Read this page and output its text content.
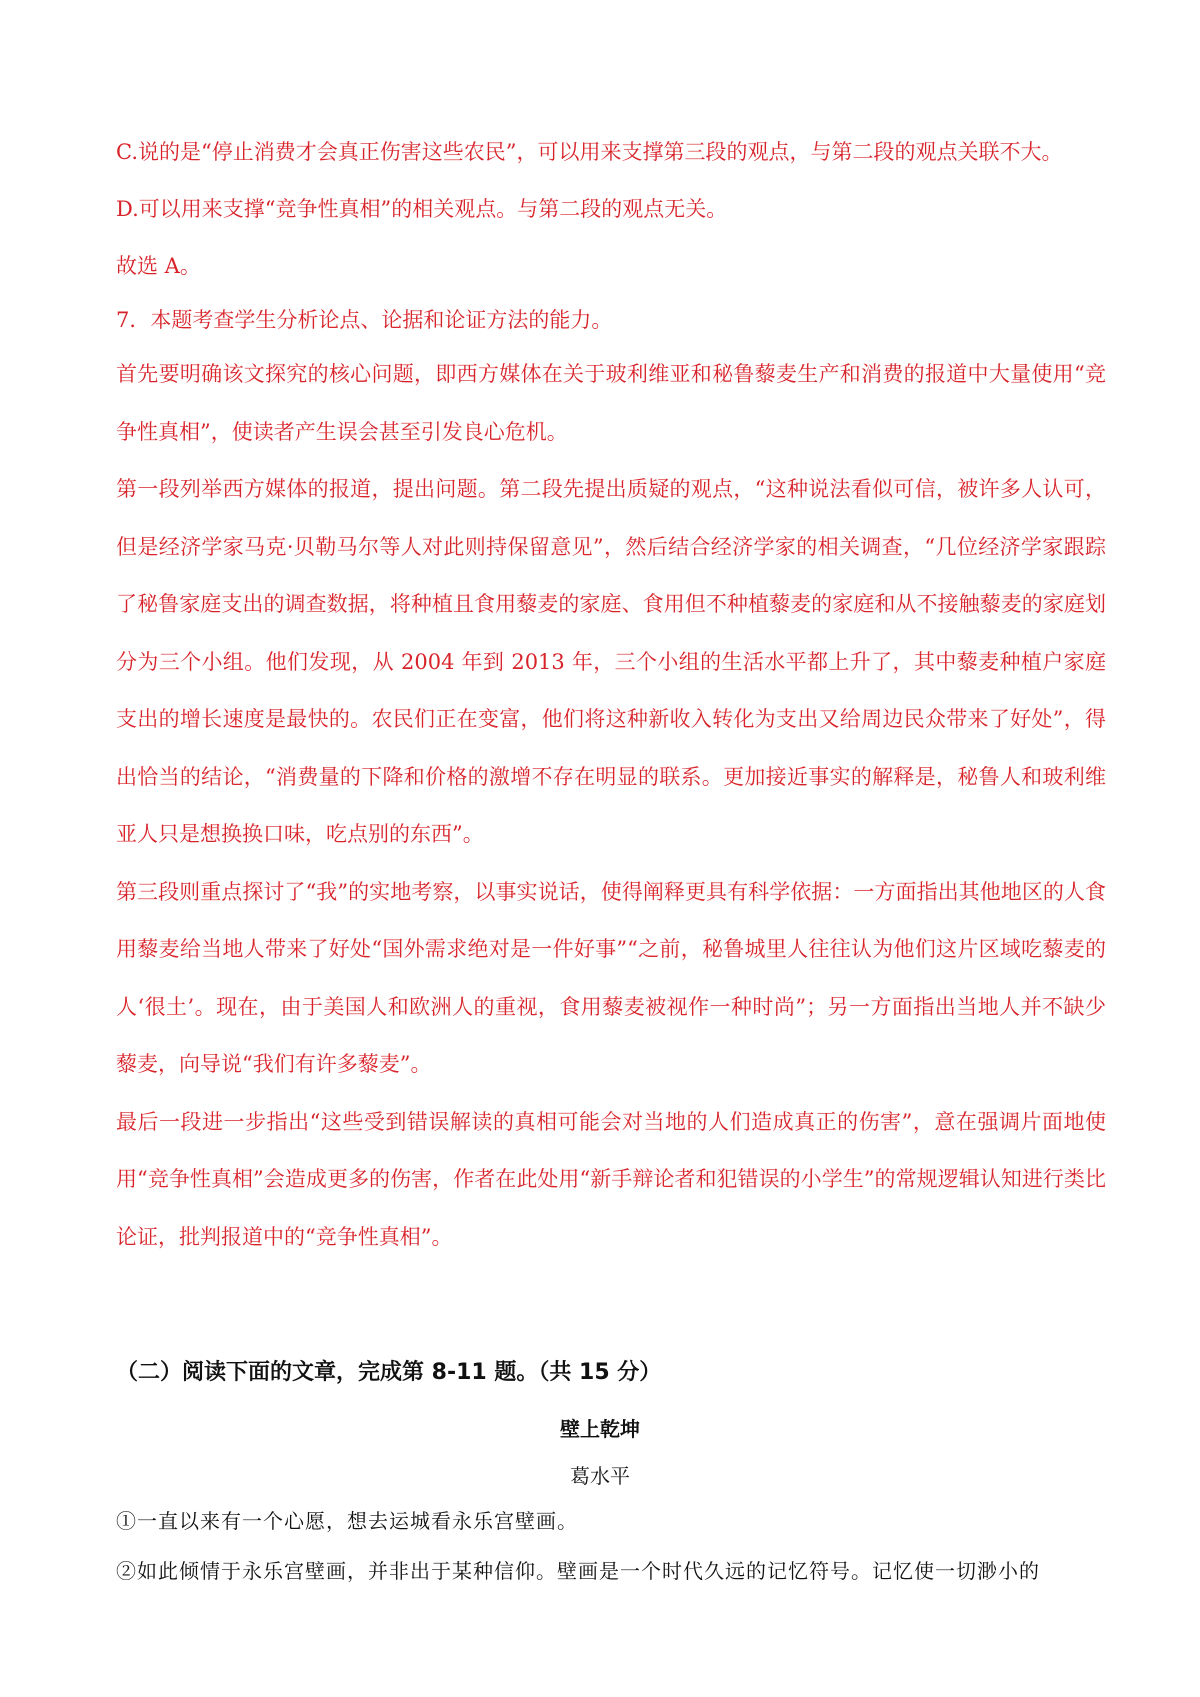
C.说的是“停止消费才会真正伤害这些农民”，可以用来支撑第三段的观点，与第二段的观点关联不大。
D.可以用来支撑“竞争性真相”的相关观点。与第二段的观点无关。
故选 A。
7．本题考查学生分析论点、论据和论证方法的能力。

首先要明确该文探究的核心问题，即西方媒体在关于玻利维亚和秘鲁藜麦生产和消费的报道中大量使用“竞争性真相”，使读者产生误会甚至引发良心危机。

第一段列举西方媒体的报道，提出问题。第二段先提出质疑的观点，“这种说法看似可信，被许多人认可，但是经济学家马克·贝勒马尔等人对此则持保留意见”，然后结合经济学家的相关调查，“几位经济学家跟踪了秘鲁家庭支出的调查数据，将种植且食用藜麦的家庭、食用但不种植藜麦的家庭和从不接触藜麦的家庭划分为三个小组。他们发现，从 2004 年到 2013 年，三个小组的生活水平都上升了，其中藜麦种植户家庭支出的增长速度是最快的。农民们正在变富，他们将这种新收入转化为支出又给周边民众带来了好处”，得出恰当的结论，“消费量的下降和价格的激增不存在明显的联系。更加接近事实的解释是，秘鲁人和玻利维亚人只是想换换口味，吃点别的东西”。

第三段则重点探讨了“我”的实地考察，以事实说话，使得阐释更具有科学依据：一方面指出其他地区的人食用藜麦给当地人带来了好处“国外需求绝对是一件好事”“之前，秘鲁城里人往往认为他们这片区域吃藜麦的人‘很土’。现在，由于美国人和欧洲人的重视，食用藜麦被视作一种时尚”；另一方面指出当地人并不缺少藜麦，向导说“我们有许多藜麦”。

最后一段进一步指出“这些受到错误解读的真相可能会对当地的人们造成真正的伤害”，意在强调片面地使用“竞争性真相”会造成更多的伤害，作者在此处用“新手辩论者和犯错误的小学生”的常规逻辑认知进行类比论证，批判报道中的“竞争性真相”。

（二）阅读下面的文章，完成第 8-11 题。（共 15 分）
壁上乾坤
葛水平
①一直以来有一个心愿，想去运城看永乐宫壁画。
②如此倾情于永乐宫壁画，并非出于某种信仰。壁画是一个时代久远的记忆符号。记忆使一切渺小的
